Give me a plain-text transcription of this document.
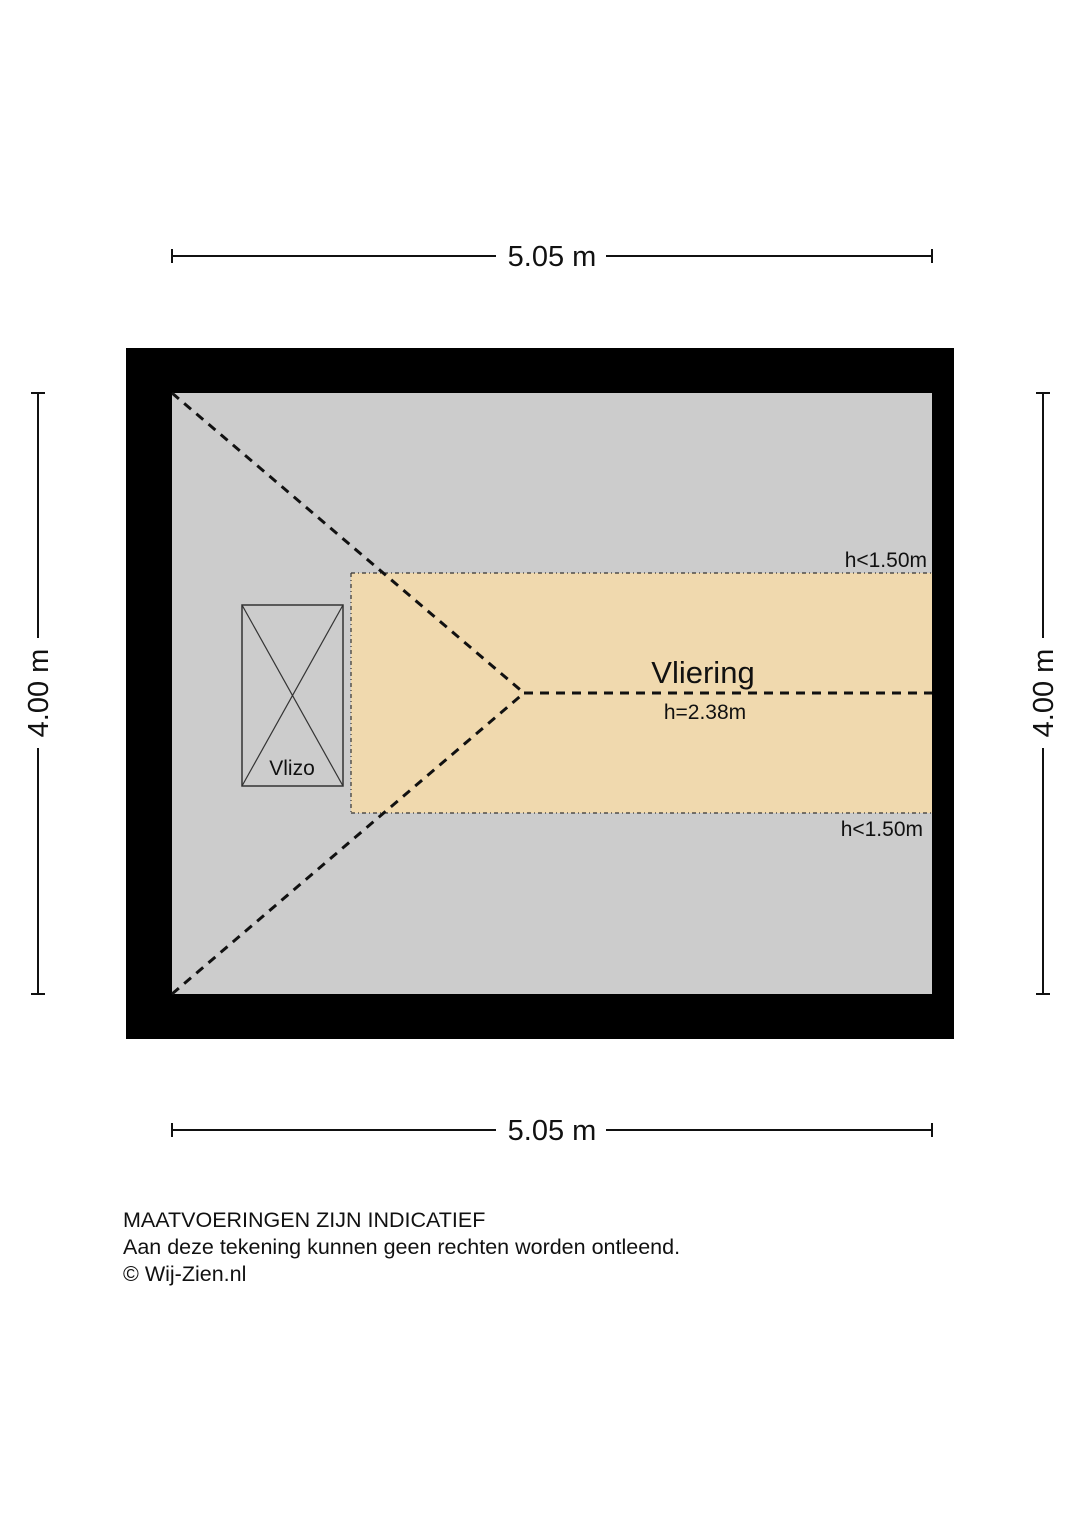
5.05 m
5.05 m
4.00 m	4.00 m
Vlizo
Vliering
h=2.38m
h<1.50m
h<1.50m
MAATVOERINGEN ZIJN INDICATIEF
Aan deze tekening kunnen geen rechten worden ontleend.
© Wij-Zien.nl
